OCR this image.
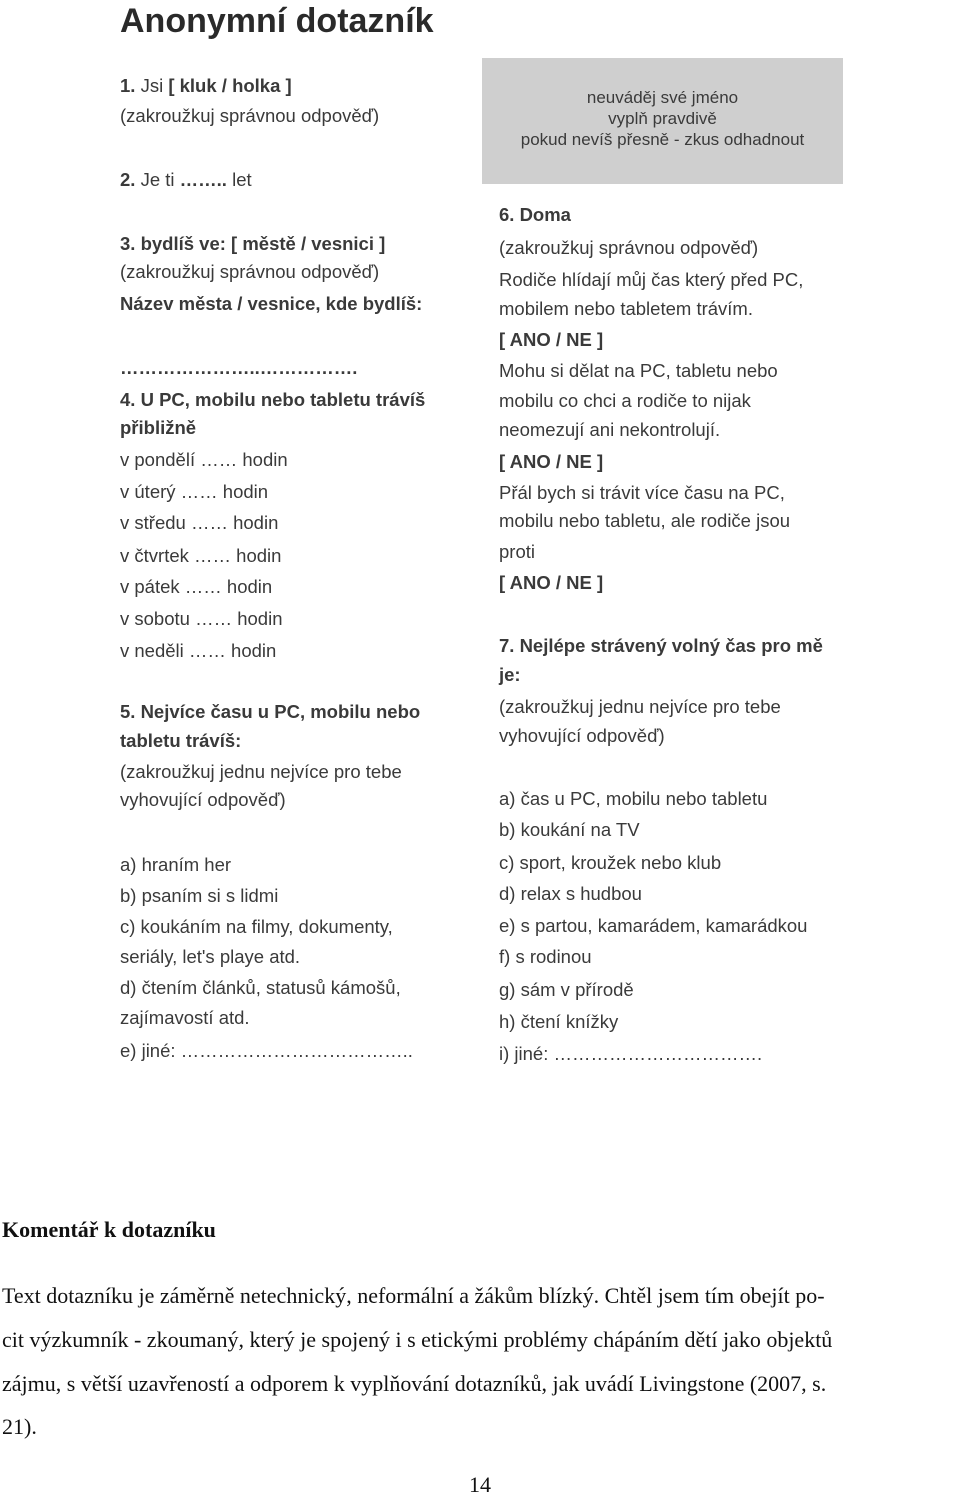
Anonymní dotazník
neuváděj své jméno
vyplň pravdivě
pokud nevíš přesně - zkus odhadnout
1. Jsi [ kluk / holka ]
(zakroužkuj správnou odpověď)
2. Je ti …….. let
3. bydlíš ve: [ městě / vesnici ]
(zakroužkuj správnou odpověď)
Název města / vesnice, kde bydlíš:
…………………..…………….
4. U PC, mobilu nebo tabletu trávíš
přibližně
v pondělí …… hodin
v úterý …… hodin
v středu …… hodin
v čtvrtek …… hodin
v pátek …… hodin
v sobotu …… hodin
v neděli …… hodin
5. Nejvíce času u PC, mobilu nebo
tabletu trávíš:
(zakroužkuj jednu nejvíce pro tebe
vyhovující odpověď)
a) hraním her
b) psaním si s lidmi
c) koukáním na filmy, dokumenty,
seriály, let's playe atd.
d) čtením článků, statusů kámošů,
zajímavostí atd.
e) jiné: ………………………………..
6. Doma
(zakroužkuj správnou odpověď)
Rodiče hlídají můj čas který před PC,
mobilem nebo tabletem trávím.
[ ANO / NE ]
Mohu si dělat na PC, tabletu nebo
mobilu co chci a rodiče to nijak
neomezují ani nekontrolují.
[ ANO / NE ]
Přál bych si trávit více času na PC,
mobilu nebo tabletu, ale rodiče jsou
proti
[ ANO / NE ]
7. Nejlépe strávený volný čas pro mě
je:
(zakroužkuj jednu nejvíce pro tebe
vyhovující odpověď)
a) čas u PC, mobilu nebo tabletu
b) koukání na TV
c) sport, kroužek nebo klub
d) relax s hudbou
e) s partou, kamarádem, kamarádkou
f) s rodinou
g) sám v přírodě
h) čtení knížky
i) jiné: …………………………….
Komentář k dotazníku
Text dotazníku je záměrně netechnický, neformální a žákům blízký. Chtěl jsem tím obejít po-
cit výzkumník - zkoumaný, který je spojený i s etickými problémy chápáním dětí jako objektů
zájmu, s větší uzavřeností a odporem k vyplňování dotazníků, jak uvádí Livingstone (2007, s.
21).
14
